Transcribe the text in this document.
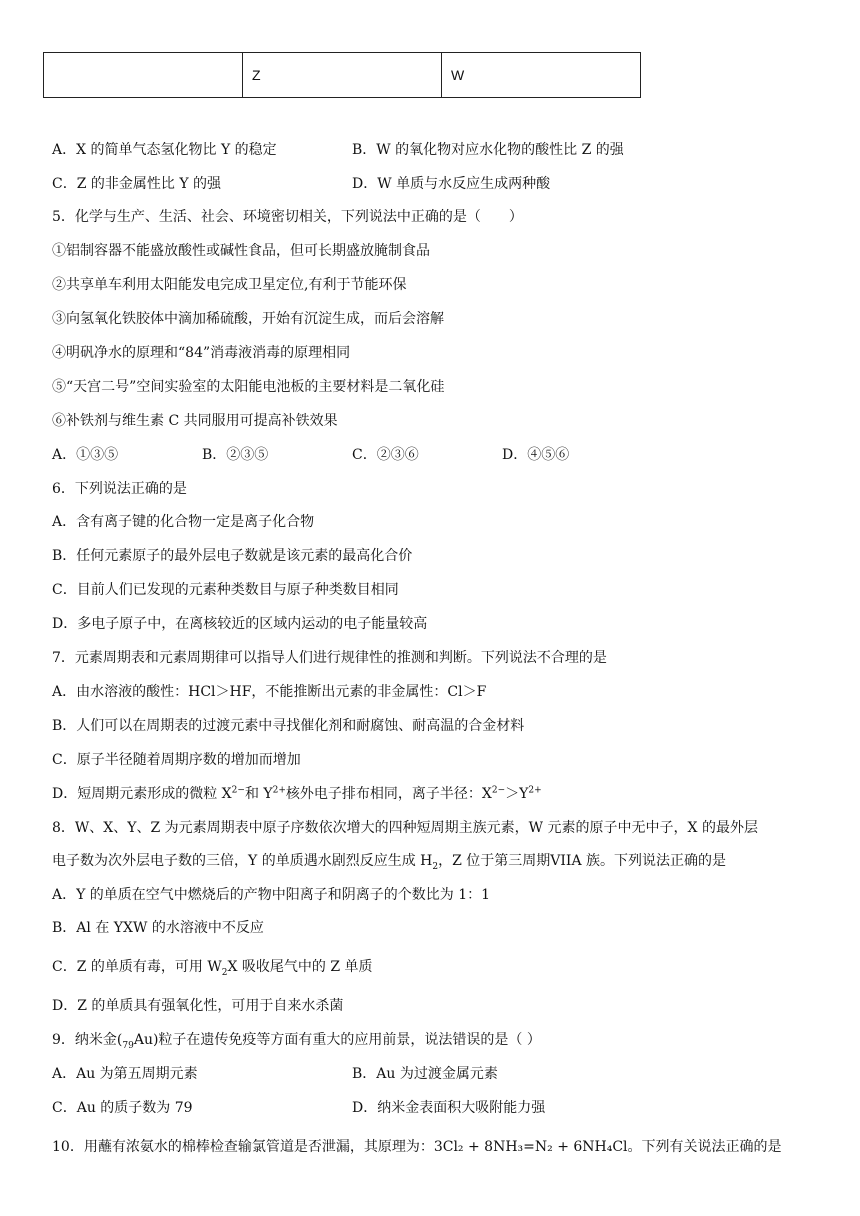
	Z	W
A．X 的简单气态氢化物比 Y 的稳定	B．W 的氧化物对应水化物的酸性比 Z 的强
C．Z 的非金属性比 Y 的强	D．W 单质与水反应生成两种酸
5．化学与生产、生活、社会、环境密切相关，下列说法中正确的是（　　）
①铝制容器不能盛放酸性或碱性食品，但可长期盛放腌制食品
②共享单车利用太阳能发电完成卫星定位,有利于节能环保
③向氢氧化铁胶体中滴加稀硫酸，开始有沉淀生成，而后会溶解
④明矾净水的原理和“84”消毒液消毒的原理相同
⑤“天宫二号”空间实验室的太阳能电池板的主要材料是二氧化硅
⑥补铁剂与维生素 C 共同服用可提高补铁效果
A．①③⑤	B．②③⑤	C．②③⑥	D．④⑤⑥
6．下列说法正确的是
A．含有离子键的化合物一定是离子化合物
B．任何元素原子的最外层电子数就是该元素的最高化合价
C．目前人们已发现的元素种类数目与原子种类数目相同
D．多电子原子中，在离核较近的区域内运动的电子能量较高
7．元素周期表和元素周期律可以指导人们进行规律性的推测和判断。下列说法不合理的是
A．由水溶液的酸性：HCl＞HF，不能推断出元素的非金属性：Cl＞F
B．人们可以在周期表的过渡元素中寻找催化剂和耐腐蚀、耐高温的合金材料
C．原子半径随着周期序数的增加而增加
D．短周期元素形成的微粒 $X^{2-}$和 $Y^{2+}$核外电子排布相同，离子半径：$X^{2-}>Y^{2+}$
8．W、X、Y、Z 为元素周期表中原子序数依次增大的四种短周期主族元素，W 元素的原子中无中子，X 的最外层
电子数为次外层电子数的三倍，Y 的单质遇水剧烈反应生成 $H_2$，Z 位于第三周期VIIA 族。下列说法正确的是
A．Y 的单质在空气中燃烧后的产物中阳离子和阴离子的个数比为 1：1
B．Al 在 YXW 的水溶液中不反应
C．Z 的单质有毒，可用 $W_2X$ 吸收尾气中的 Z 单质
D．Z 的单质具有强氧化性，可用于自来水杀菌
9．纳米金$(_{79}Au)$粒子在遗传免疫等方面有重大的应用前景，说法错误的是（ ）
A．Au 为第五周期元素	B．Au 为过渡金属元素
C．Au 的质子数为 79	D．纳米金表面积大吸附能力强
10．用蘸有浓氨水的棉棒检查输氯管道是否泄漏，其原理为：3Cl₂ + 8NH₃=N₂ + 6NH₄Cl。下列有关说法正确的是
